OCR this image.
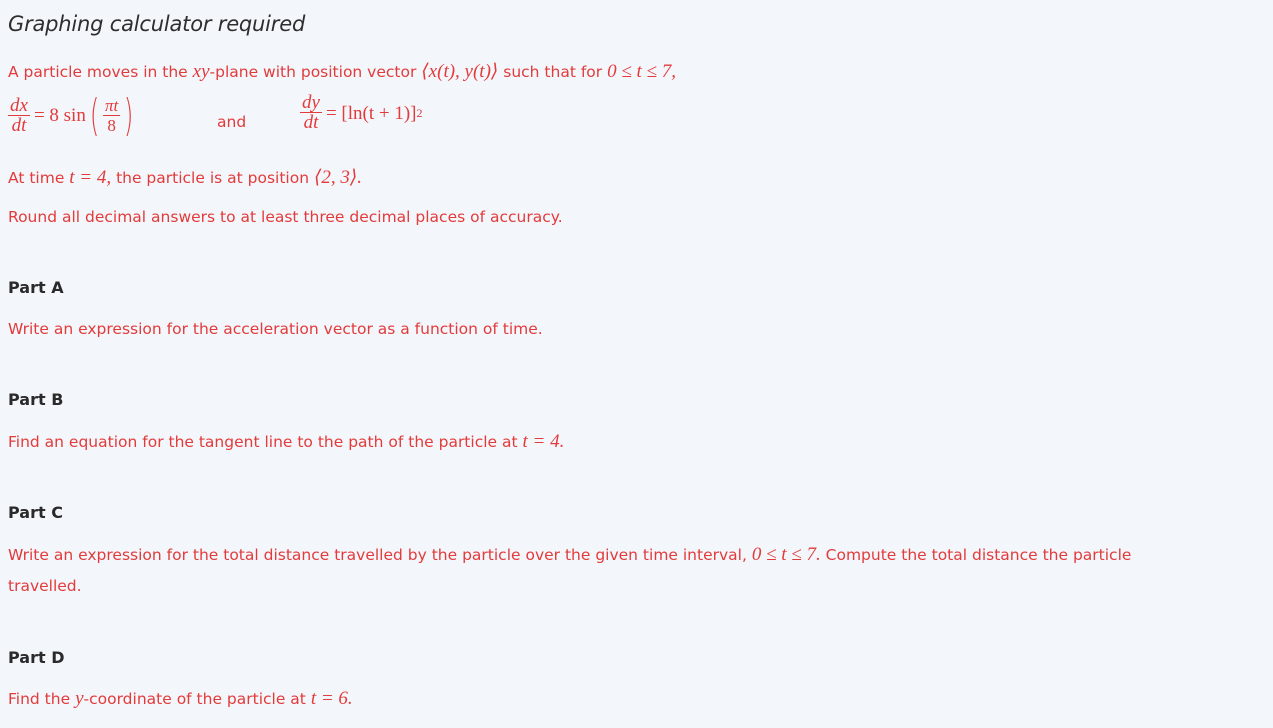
Graphing calculator required
A particle moves in the xy-plane with position vector ⟨x(t), y(t)⟩ such that for 0 ≤ t ≤ 7,
$\frac{dx}{dt} = 8$ sin ( $\frac{\pi t}{8}$ )	and	$\frac{dy}{dt} = [\ln(t + 1)]$ 2
At time t = 4, the particle is at position ⟨2, 3⟩.
Round all decimal answers to at least three decimal places of accuracy.
Part A
Write an expression for the acceleration vector as a function of time.
Part B
Find an equation for the tangent line to the path of the particle at t = 4.
Part C
Write an expression for the total distance travelled by the particle over the given time interval, 0 ≤ t ≤ 7. Compute the total distance the particle
travelled.
Part D
Find the y-coordinate of the particle at t = 6.
